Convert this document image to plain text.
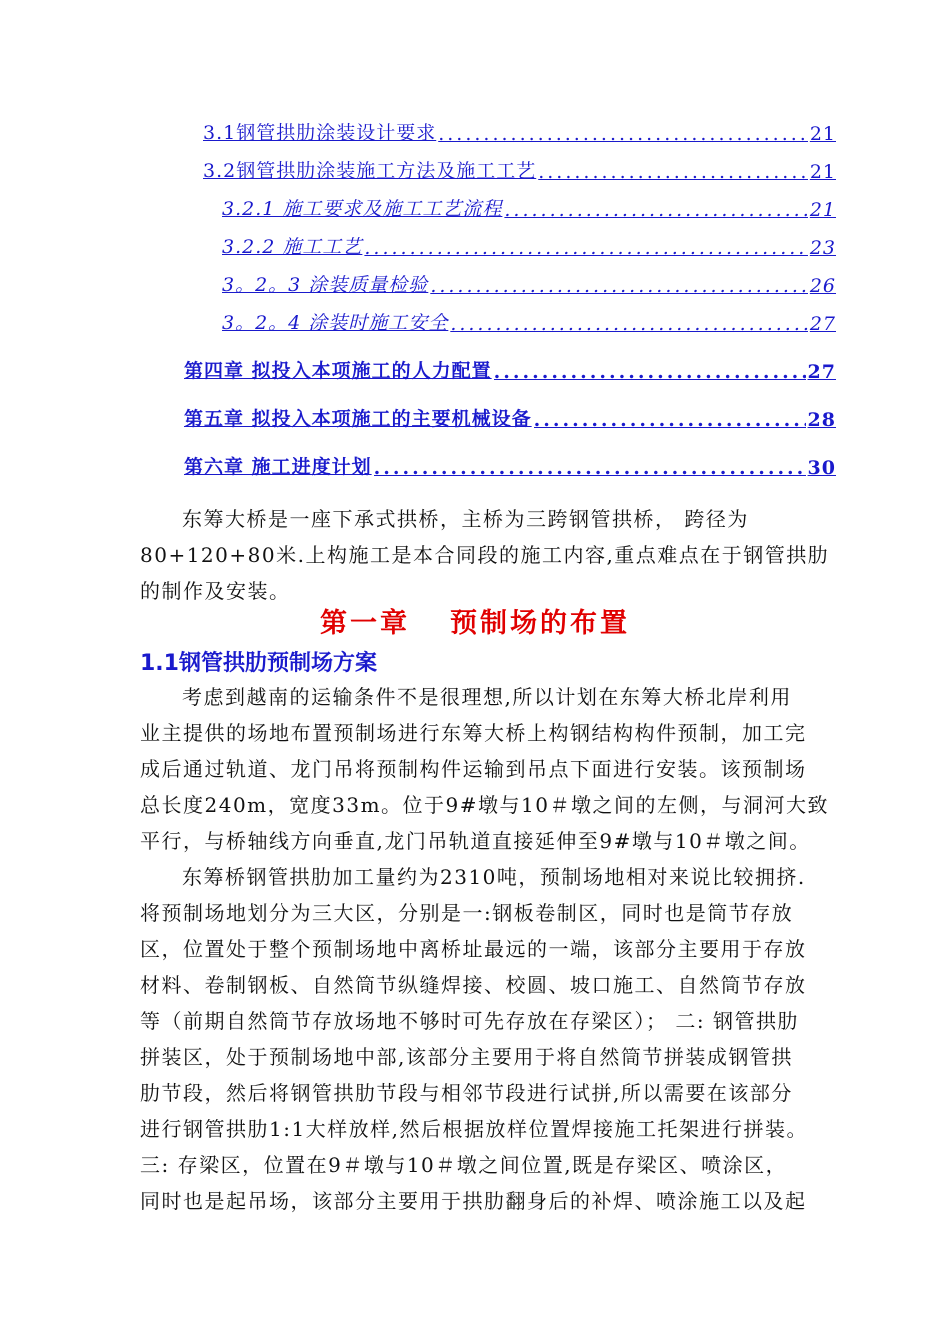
3.1钢管拱肋涂装设计要求 .....	21
3.2钢管拱肋涂装施工方法及施工工艺 .....	21
3.2.1 施工要求及施工工艺流程 .....	21
3.2.2 施工工艺 .....	23
3。2。3 涂装质量检验 .....	26
3。2。4 涂装时施工安全 .....	27
第四章 拟投入本项施工的人力配置 .....	27
第五章 拟投入本项施工的主要机械设备 .....	28
第六章 施工进度计划 .....	30
东筹大桥是一座下承式拱桥，主桥为三跨钢管拱桥， 跨径为
80+120+80米.上构施工是本合同段的施工内容,重点难点在于钢管拱肋
的制作及安装。
第一章 预制场的布置
1.1钢管拱肋预制场方案
考虑到越南的运输条件不是很理想,所以计划在东筹大桥北岸利用
业主提供的场地布置预制场进行东筹大桥上构钢结构构件预制，加工完
成后通过轨道、龙门吊将预制构件运输到吊点下面进行安装。该预制场
总长度240m，宽度33m。位于9#墩与10＃墩之间的左侧，与洞河大致
平行，与桥轴线方向垂直,龙门吊轨道直接延伸至9#墩与10＃墩之间。
东筹桥钢管拱肋加工量约为2310吨，预制场地相对来说比较拥挤.
将预制场地划分为三大区，分别是一:钢板卷制区，同时也是筒节存放
区，位置处于整个预制场地中离桥址最远的一端，该部分主要用于存放
材料、卷制钢板、自然筒节纵缝焊接、校圆、坡口施工、自然筒节存放
等（前期自然筒节存放场地不够时可先存放在存梁区）； 二: 钢管拱肋
拼装区，处于预制场地中部,该部分主要用于将自然筒节拼装成钢管拱
肋节段，然后将钢管拱肋节段与相邻节段进行试拼,所以需要在该部分
进行钢管拱肋1:1大样放样,然后根据放样位置焊接施工托架进行拼装。
三: 存梁区，位置在9＃墩与10＃墩之间位置,既是存梁区、喷涂区，
同时也是起吊场，该部分主要用于拱肋翻身后的补焊、喷涂施工以及起
